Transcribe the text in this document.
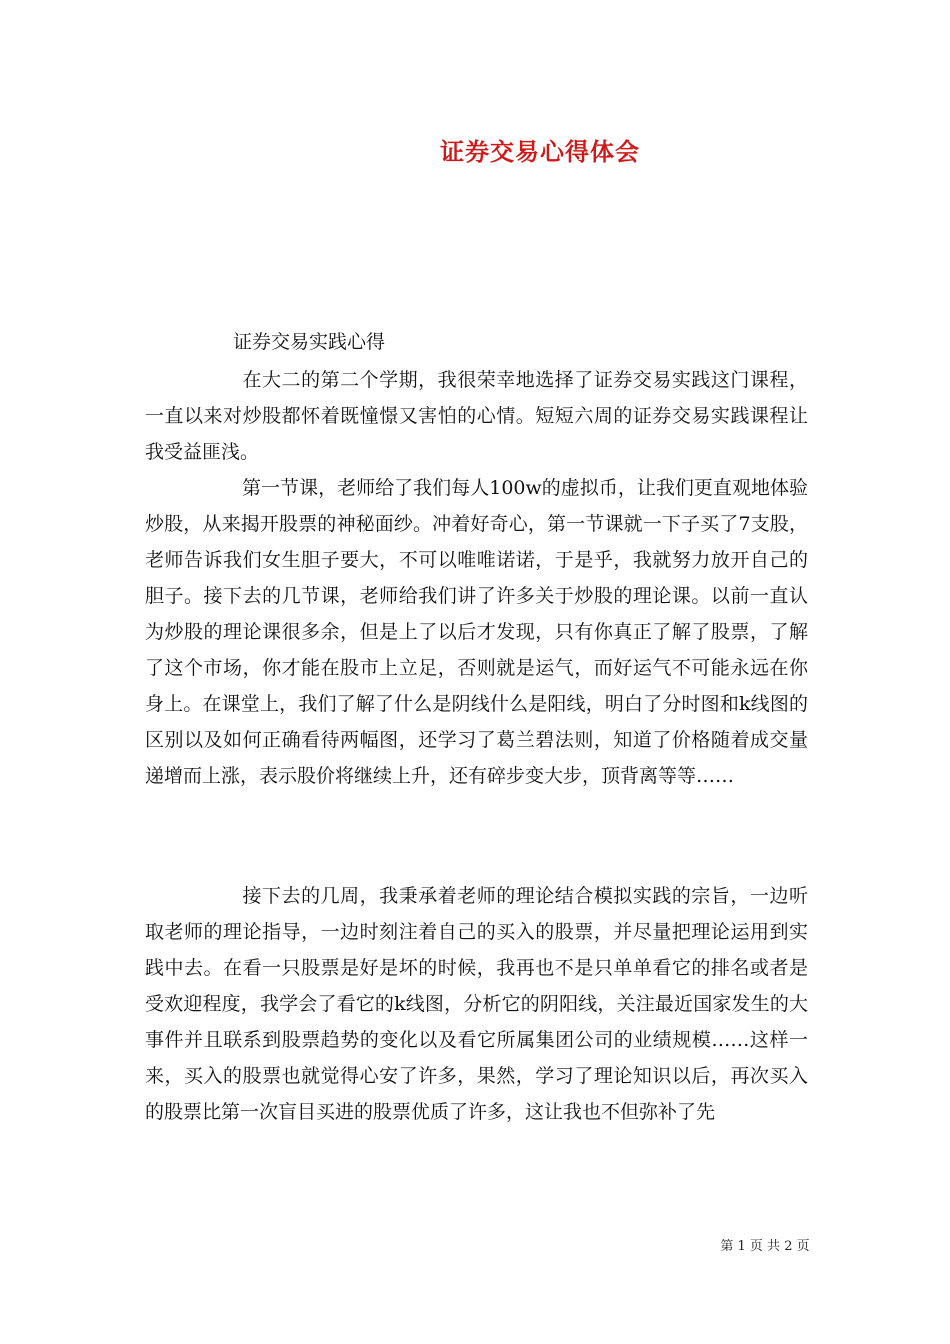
证券交易心得体会
证券交易实践心得

在大二的第二个学期，我很荣幸地选择了证券交易实践这门课程，一直以来对炒股都怀着既憧憬又害怕的心情。短短六周的证券交易实践课程让我受益匪浅。

第一节课，老师给了我们每人100w的虚拟币，让我们更直观地体验炒股，从来揭开股票的神秘面纱。冲着好奇心，第一节课就一下子买了7支股，老师告诉我们女生胆子要大，不可以唯唯诺诺，于是乎，我就努力放开自己的胆子。接下去的几节课，老师给我们讲了许多关于炒股的理论课。以前一直认为炒股的理论课很多余，但是上了以后才发现，只有你真正了解了股票，了解了这个市场，你才能在股市上立足，否则就是运气，而好运气不可能永远在你身上。在课堂上，我们了解了什么是阴线什么是阳线，明白了分时图和k线图的区别以及如何正确看待两幅图，还学习了葛兰碧法则，知道了价格随着成交量递增而上涨，表示股价将继续上升，还有碎步变大步，顶背离等等……

接下去的几周，我秉承着老师的理论结合模拟实践的宗旨，一边听取老师的理论指导，一边时刻注着自己的买入的股票，并尽量把理论运用到实践中去。在看一只股票是好是坏的时候，我再也不是只单单看它的排名或者是受欢迎程度，我学会了看它的k线图，分析它的阴阳线，关注最近国家发生的大事件并且联系到股票趋势的变化以及看它所属集团公司的业绩规模……这样一来，买入的股票也就觉得心安了许多，果然，学习了理论知识以后，再次买入的股票比第一次盲目买进的股票优质了许多，这让我也不但弥补了先

第 1 页 共 2 页
